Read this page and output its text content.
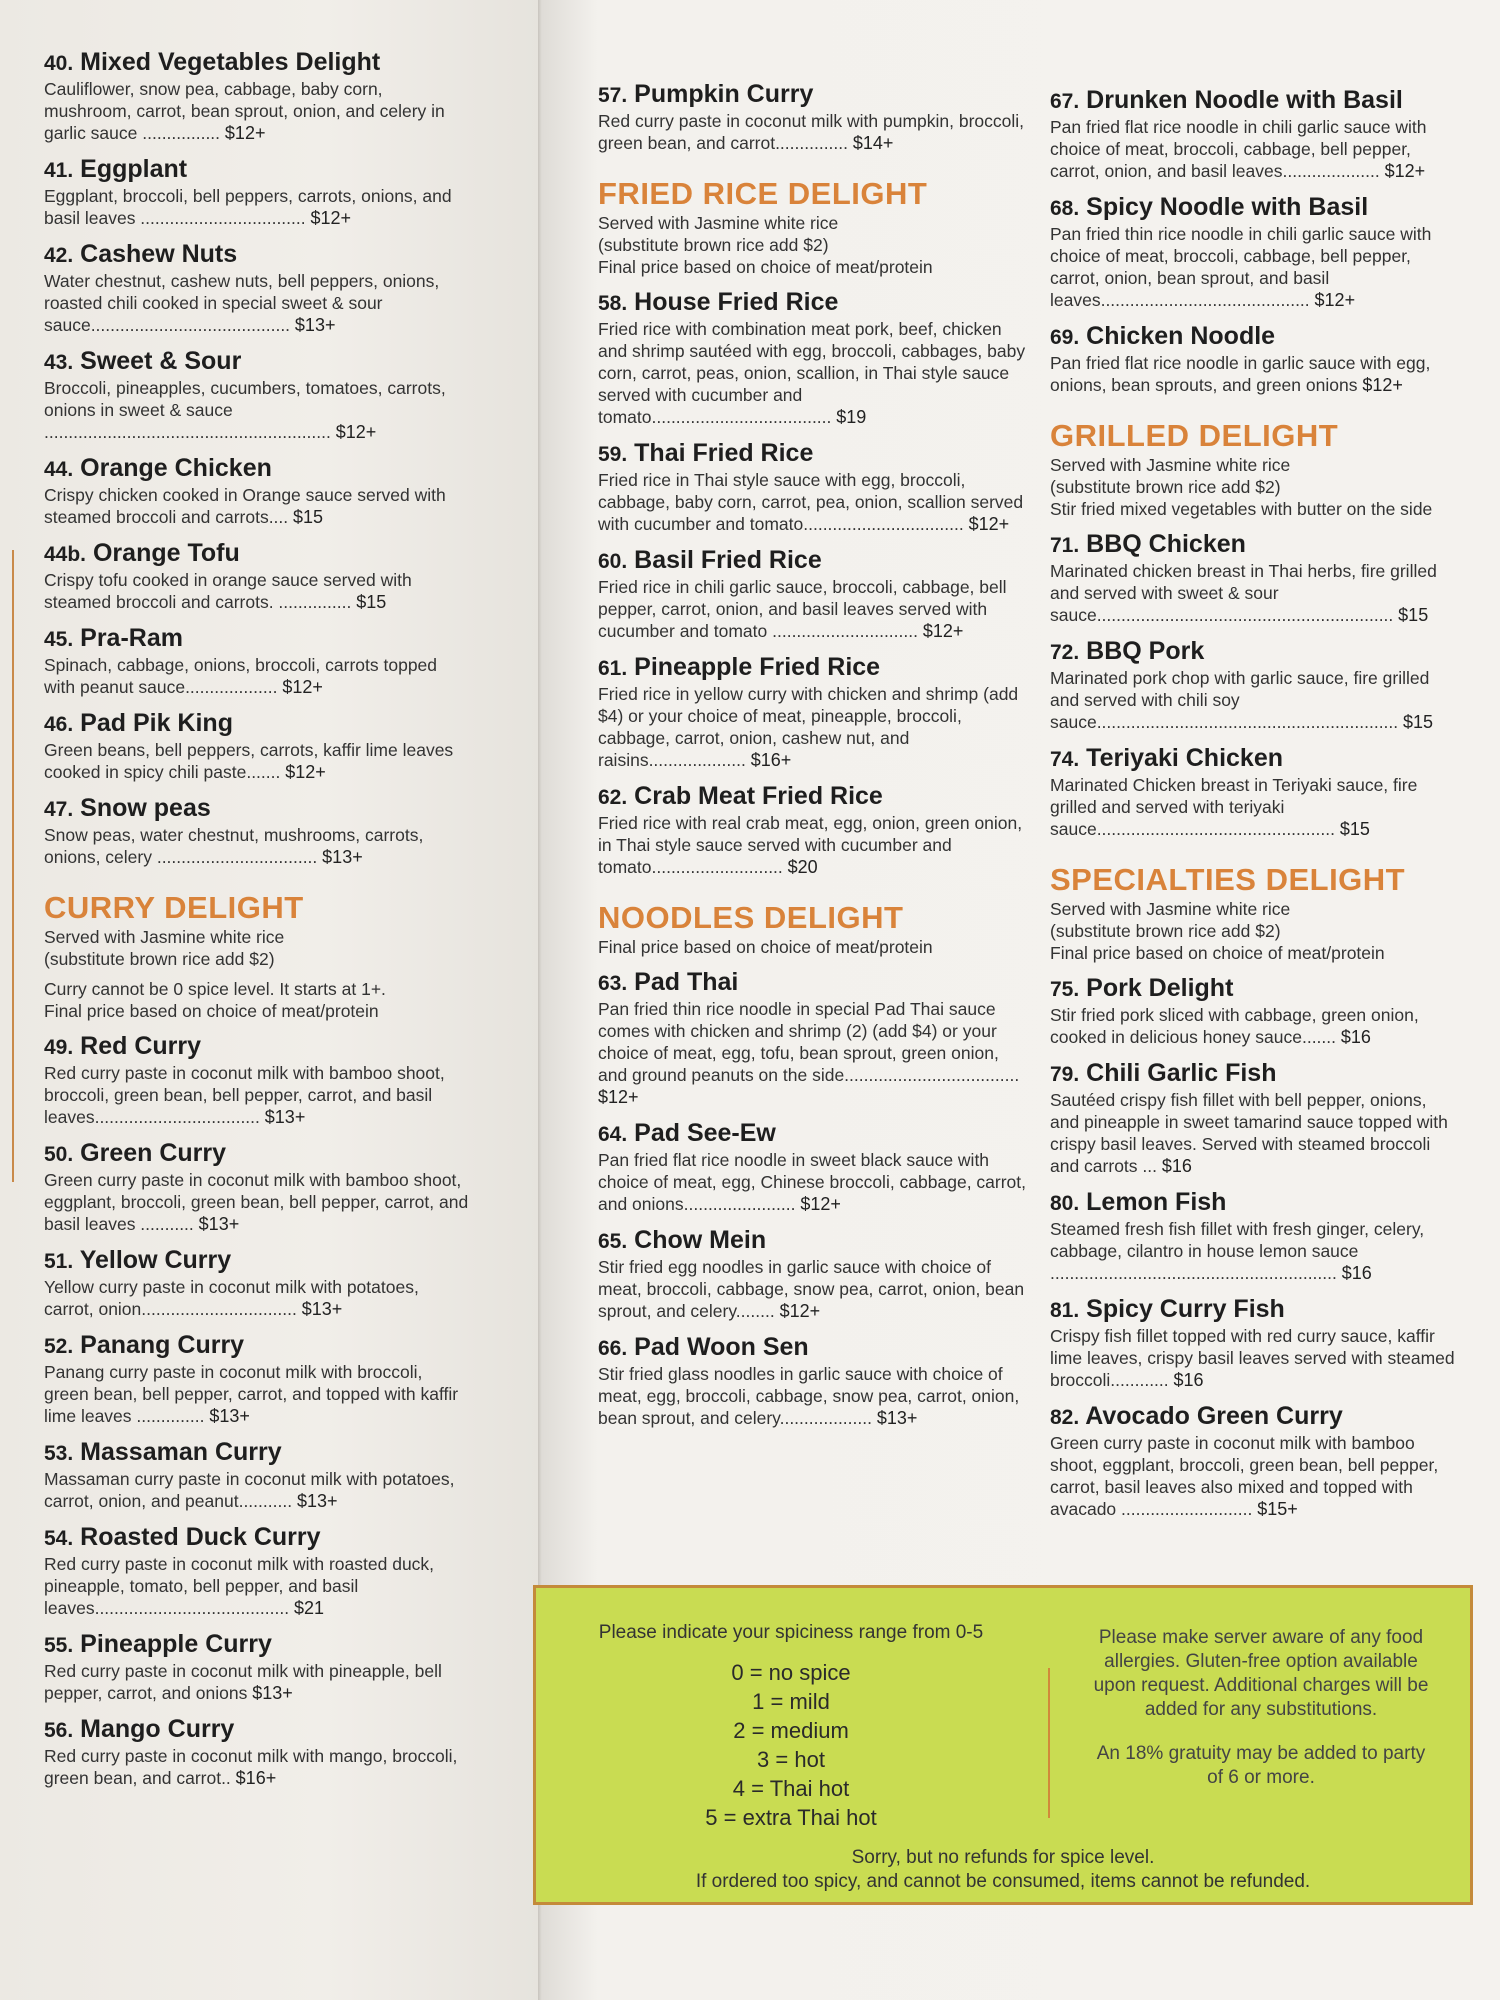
40. Mixed Vegetables Delight
Cauliflower, snow pea, cabbage, baby corn, mushroom, carrot, bean sprout, onion, and celery in garlic sauce ................ $12+
41. Eggplant
Eggplant, broccoli, bell peppers, carrots, onions, and basil leaves .................................. $12+
42. Cashew Nuts
Water chestnut, cashew nuts, bell peppers, onions, roasted chili cooked in special sweet & sour sauce......................................... $13+
43. Sweet & Sour
Broccoli, pineapples, cucumbers, tomatoes, carrots, onions in sweet & sauce ........................................................... $12+
44. Orange Chicken
Crispy chicken cooked in Orange sauce served with steamed broccoli and carrots.... $15
44b. Orange Tofu
Crispy tofu cooked in orange sauce served with steamed broccoli and carrots. ............... $15
45. Pra-Ram
Spinach, cabbage, onions, broccoli, carrots topped with peanut sauce................... $12+
46. Pad Pik King
Green beans, bell peppers, carrots, kaffir lime leaves cooked in spicy chili paste....... $12+
47. Snow peas
Snow peas, water chestnut, mushrooms, carrots, onions, celery ................................. $13+
CURRY DELIGHT
Served with Jasmine white rice
(substitute brown rice add $2)
Curry cannot be 0 spice level. It starts at 1+.
Final price based on choice of meat/protein
49. Red Curry
Red curry paste in coconut milk with bamboo shoot, broccoli, green bean, bell pepper, carrot, and basil leaves.................................. $13+
50. Green Curry
Green curry paste in coconut milk with bamboo shoot, eggplant, broccoli, green bean, bell pepper, carrot, and basil leaves ........... $13+
51. Yellow Curry
Yellow curry paste in coconut milk with potatoes, carrot, onion................................ $13+
52. Panang Curry
Panang curry paste in coconut milk with broccoli, green bean, bell pepper, carrot, and topped with kaffir lime leaves .............. $13+
53. Massaman Curry
Massaman curry paste in coconut milk with potatoes, carrot, onion, and peanut........... $13+
54. Roasted Duck Curry
Red curry paste in coconut milk with roasted duck, pineapple, tomato, bell pepper, and basil leaves........................................ $21
55. Pineapple Curry
Red curry paste in coconut milk with pineapple, bell pepper, carrot, and onions $13+
56. Mango Curry
Red curry paste in coconut milk with mango, broccoli, green bean, and carrot.. $16+
57. Pumpkin Curry
Red curry paste in coconut milk with pumpkin, broccoli, green bean, and carrot............... $14+
FRIED RICE DELIGHT
Served with Jasmine white rice
(substitute brown rice add $2)
Final price based on choice of meat/protein
58. House Fried Rice
Fried rice with combination meat pork, beef, chicken and shrimp sautéed with egg, broccoli, cabbages, baby corn, carrot, peas, onion, scallion, in Thai style sauce served with cucumber and tomato..................................... $19
59. Thai Fried Rice
Fried rice in Thai style sauce with egg, broccoli, cabbage, baby corn, carrot, pea, onion, scallion served with cucumber and tomato................................. $12+
60. Basil Fried Rice
Fried rice in chili garlic sauce, broccoli, cabbage, bell pepper, carrot, onion, and basil leaves served with cucumber and tomato .............................. $12+
61. Pineapple Fried Rice
Fried rice in yellow curry with chicken and shrimp (add $4) or your choice of meat, pineapple, broccoli, cabbage, carrot, onion, cashew nut, and raisins.................... $16+
62. Crab Meat Fried Rice
Fried rice with real crab meat, egg, onion, green onion, in Thai style sauce served with cucumber and tomato........................... $20
NOODLES DELIGHT
Final price based on choice of meat/protein
63. Pad Thai
Pan fried thin rice noodle in special Pad Thai sauce comes with chicken and shrimp (2) (add $4) or your choice of meat, egg, tofu, bean sprout, green onion, and ground peanuts on the side.................................... $12+
64. Pad See-Ew
Pan fried flat rice noodle in sweet black sauce with choice of meat, egg, Chinese broccoli, cabbage, carrot, and onions....................... $12+
65. Chow Mein
Stir fried egg noodles in garlic sauce with choice of meat, broccoli, cabbage, snow pea, carrot, onion, bean sprout, and celery........ $12+
66. Pad Woon Sen
Stir fried glass noodles in garlic sauce with choice of meat, egg, broccoli, cabbage, snow pea, carrot, onion, bean sprout, and celery................... $13+
67. Drunken Noodle with Basil
Pan fried flat rice noodle in chili garlic sauce with choice of meat, broccoli, cabbage, bell pepper, carrot, onion, and basil leaves.................... $12+
68. Spicy Noodle with Basil
Pan fried thin rice noodle in chili garlic sauce with choice of meat, broccoli, cabbage, bell pepper, carrot, onion, bean sprout, and basil leaves........................................... $12+
69. Chicken Noodle
Pan fried flat rice noodle in garlic sauce with egg, onions, bean sprouts, and green onions $12+
GRILLED DELIGHT
Served with Jasmine white rice
(substitute brown rice add $2)
Stir fried mixed vegetables with butter on the side
71. BBQ Chicken
Marinated chicken breast in Thai herbs, fire grilled and served with sweet & sour sauce............................................................. $15
72. BBQ Pork
Marinated pork chop with garlic sauce, fire grilled and served with chili soy sauce.............................................................. $15
74. Teriyaki Chicken
Marinated Chicken breast in Teriyaki sauce, fire grilled and served with teriyaki sauce................................................. $15
SPECIALTIES DELIGHT
Served with Jasmine white rice
(substitute brown rice add $2)
Final price based on choice of meat/protein
75. Pork Delight
Stir fried pork sliced with cabbage, green onion, cooked in delicious honey sauce....... $16
79. Chili Garlic Fish
Sautéed crispy fish fillet with bell pepper, onions, and pineapple in sweet tamarind sauce topped with crispy basil leaves. Served with steamed broccoli and carrots ... $16
80. Lemon Fish
Steamed fresh fish fillet with fresh ginger, celery, cabbage, cilantro in house lemon sauce ........................................................... $16
81. Spicy Curry Fish
Crispy fish fillet topped with red curry sauce, kaffir lime leaves, crispy basil leaves served with steamed broccoli............ $16
82. Avocado Green Curry
Green curry paste in coconut milk with bamboo shoot, eggplant, broccoli, green bean, bell pepper, carrot, basil leaves also mixed and topped with avacado ........................... $15+
Please indicate your spiciness range from 0-5
0 = no spice
1 = mild
2 = medium
3 = hot
4 = Thai hot
5 = extra Thai hot
Please make server aware of any food allergies. Gluten-free option available upon request. Additional charges will be added for any substitutions.
An 18% gratuity may be added to party of 6 or more.
Sorry, but no refunds for spice level.
If ordered too spicy, and cannot be consumed, items cannot be refunded.
